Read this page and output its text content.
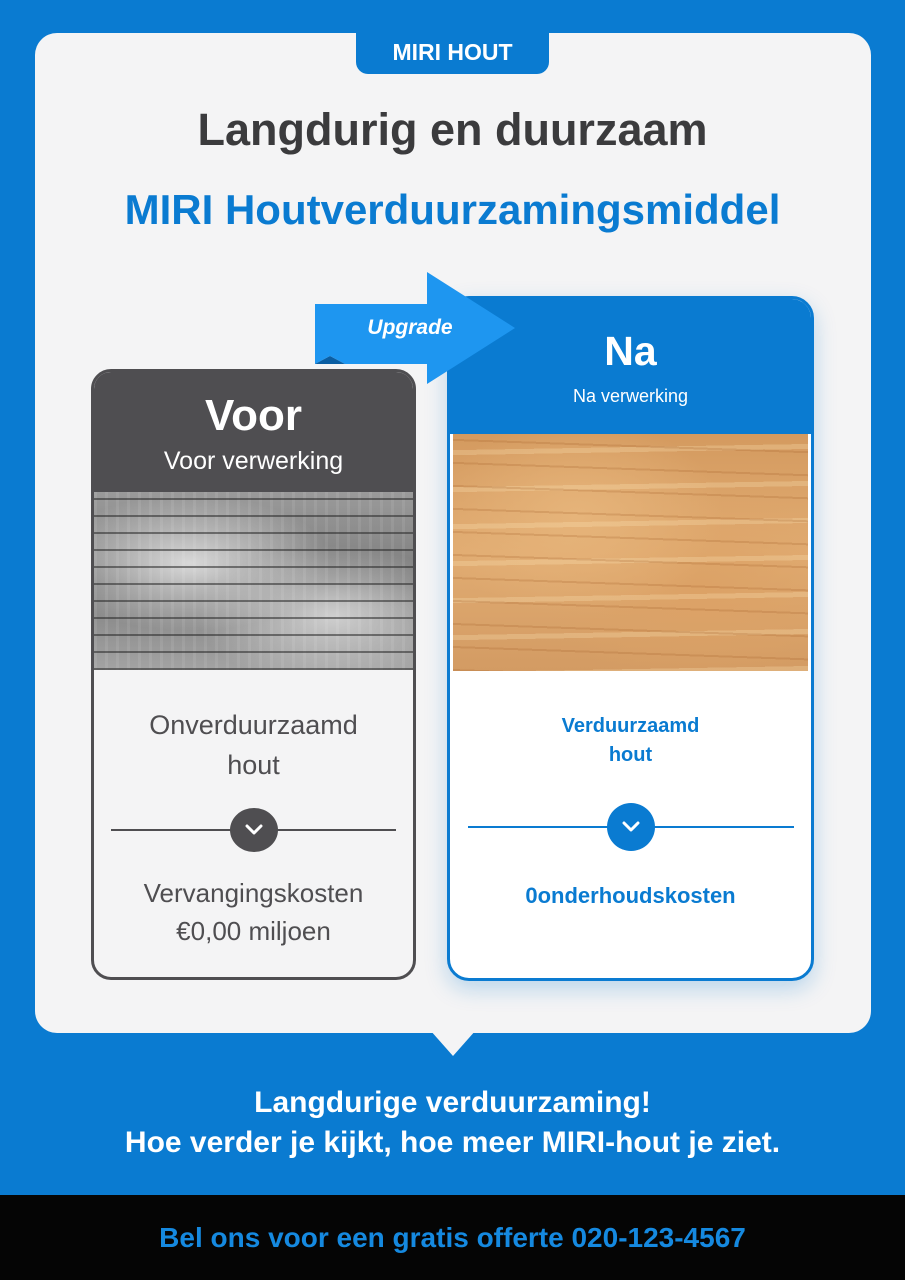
MIRI HOUT
Langdurig en duurzaam
MIRI Houtverduurzamingsmiddel
Voor
Voor verwerking
Onverduurzaamd
hout
Vervangingskosten
€0,00 miljoen
Na
Na verwerking
Verduurzaamd
hout
0onderhoudskosten
Upgrade
Langdurige verduurzaming!
Hoe verder je kijkt, hoe meer MIRI-hout je ziet.
Bel ons voor een gratis offerte 020-123-4567
